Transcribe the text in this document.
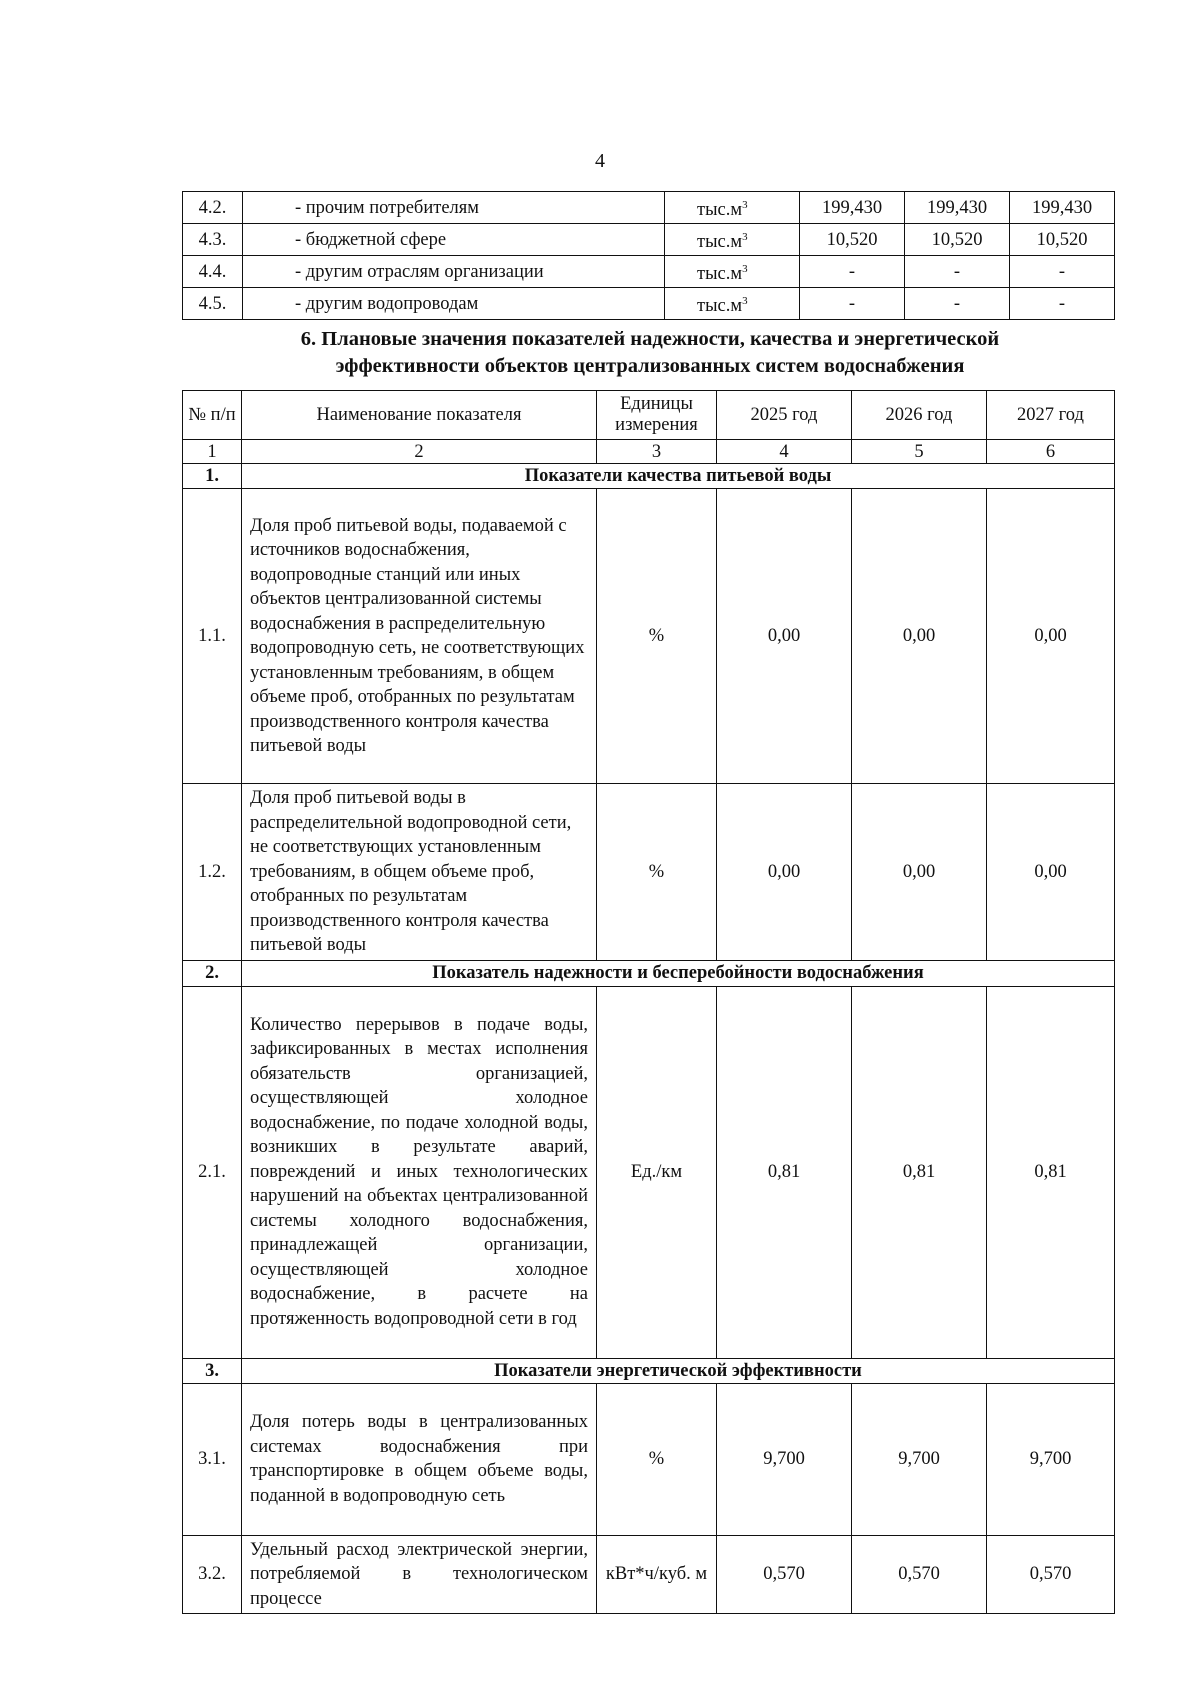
4
4.2.	- прочим потребителям	$тыс.м^3$	199,430	199,430	199,430
4.3.	- бюджетной сфере	$тыс.м^3$	10,520	10,520	10,520
4.4.	- другим отраслям организации	$тыс.м^3$	-	-	-
4.5.	- другим водопроводам	$тыс.м^3$	-	-	-
6. Плановые значения показателей надежности, качества и энергетической
эффективности объектов централизованных систем водоснабжения
№ п/п	Наименование показателя	Единицы измерения	2025 год	2026 год	2027 год
1	2	3	4	5	6
1.	Показатели качества питьевой воды				
1.1.	Доля проб питьевой воды, подаваемой с источников водоснабжения, водопроводные станций или иных объектов централизованной системы водоснабжения в распределительную водопроводную сеть, не соответствующих установленным требованиям, в общем объеме проб, отобранных по результатам производственного контроля качества питьевой воды	%	0,00	0,00	0,00
1.2.	Доля проб питьевой воды в распределительной водопроводной сети, не соответствующих установленным требованиям, в общем объеме проб, отобранных по результатам производственного контроля качества питьевой воды	%	0,00	0,00	0,00
2.	Показатель надежности и бесперебойности водоснабжения				
2.1.	Количество перерывов в подаче воды, зафиксированных в местах исполнения обязательств организацией, осуществляющей холодное водоснабжение, по подаче холодной воды, возникших в результате аварий, повреждений и иных технологических нарушений на объектах централизованной системы холодного водоснабжения, принадлежащей организации, осуществляющей холодное водоснабжение, в расчете на протяженность водопроводной сети в год	Ед./км	0,81	0,81	0,81
3.	Показатели энергетической эффективности				
3.1.	Доля потерь воды в централизованных системах водоснабжения при транспортировке в общем объеме воды, поданной в водопроводную сеть	%	9,700	9,700	9,700
3.2.	Удельный расход электрической энергии, потребляемой в технологическом процессе	кВт*ч/куб. м	0,570	0,570	0,570
